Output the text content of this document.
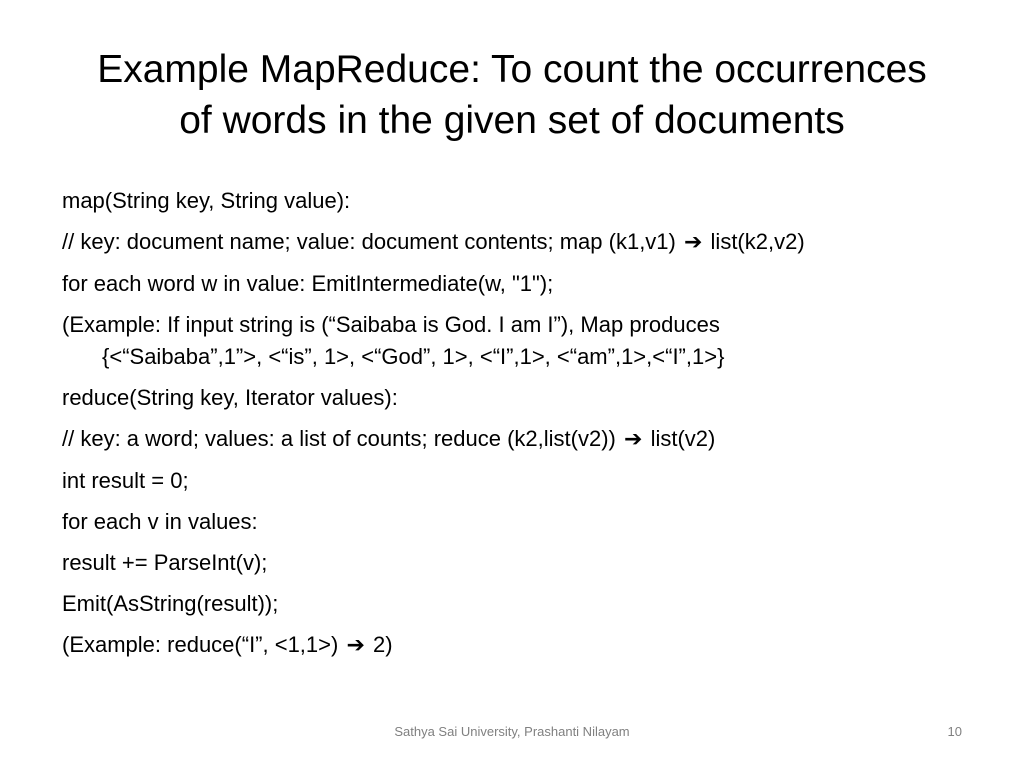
Example MapReduce: To count the occurrences
of words in the given set of documents
map(String key, String value):
// key: document name; value: document contents; map (k1,v1) ➔ list(k2,v2)
for each word w in value: EmitIntermediate(w, "1");
(Example: If input string is (“Saibaba is God. I am I”), Map produces
{<“Saibaba”,1”>, <“is”, 1>, <“God”, 1>, <“I”,1>, <“am”,1>,<“I”,1>}
reduce(String key, Iterator values):
// key: a word; values: a list of counts; reduce (k2,list(v2)) ➔ list(v2)
int result = 0;
for each v in values:
result += ParseInt(v);
Emit(AsString(result));
(Example: reduce(“I”, <1,1>) ➔ 2)
Sathya Sai University, Prashanti Nilayam	10
